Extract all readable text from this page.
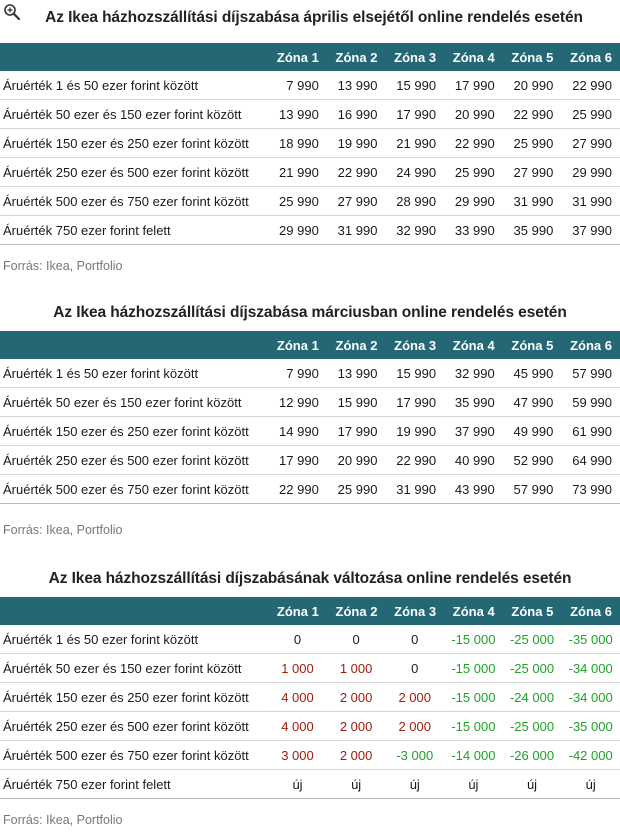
Az Ikea házhozszállítási díjszabása április elsejétől online rendelés esetén
	Zóna 1	Zóna 2	Zóna 3	Zóna 4	Zóna 5	Zóna 6
Áruérték 1 és 50 ezer forint között	7 990	13 990	15 990	17 990	20 990	22 990
Áruérték 50 ezer és 150 ezer forint között	13 990	16 990	17 990	20 990	22 990	25 990
Áruérték 150 ezer és 250 ezer forint között	18 990	19 990	21 990	22 990	25 990	27 990
Áruérték 250 ezer és 500 ezer forint között	21 990	22 990	24 990	25 990	27 990	29 990
Áruérték 500 ezer és 750 ezer forint között	25 990	27 990	28 990	29 990	31 990	31 990
Áruérték 750 ezer forint felett	29 990	31 990	32 990	33 990	35 990	37 990
Forrás: Ikea, Portfolio
Az Ikea házhozszállítási díjszabása márciusban online rendelés esetén
	Zóna 1	Zóna 2	Zóna 3	Zóna 4	Zóna 5	Zóna 6
Áruérték 1 és 50 ezer forint között	7 990	13 990	15 990	32 990	45 990	57 990
Áruérték 50 ezer és 150 ezer forint között	12 990	15 990	17 990	35 990	47 990	59 990
Áruérték 150 ezer és 250 ezer forint között	14 990	17 990	19 990	37 990	49 990	61 990
Áruérték 250 ezer és 500 ezer forint között	17 990	20 990	22 990	40 990	52 990	64 990
Áruérték 500 ezer és 750 ezer forint között	22 990	25 990	31 990	43 990	57 990	73 990
Forrás: Ikea, Portfolio
Az Ikea házhozszállítási díjszabásának változása online rendelés esetén
	Zóna 1	Zóna 2	Zóna 3	Zóna 4	Zóna 5	Zóna 6
Áruérték 1 és 50 ezer forint között	0	0	0	-15 000	-25 000	-35 000
Áruérték 50 ezer és 150 ezer forint között	1 000	1 000	0	-15 000	-25 000	-34 000
Áruérték 150 ezer és 250 ezer forint között	4 000	2 000	2 000	-15 000	-24 000	-34 000
Áruérték 250 ezer és 500 ezer forint között	4 000	2 000	2 000	-15 000	-25 000	-35 000
Áruérték 500 ezer és 750 ezer forint között	3 000	2 000	-3 000	-14 000	-26 000	-42 000
Áruérték 750 ezer forint felett	új	új	új	új	új	új
Forrás: Ikea, Portfolio
